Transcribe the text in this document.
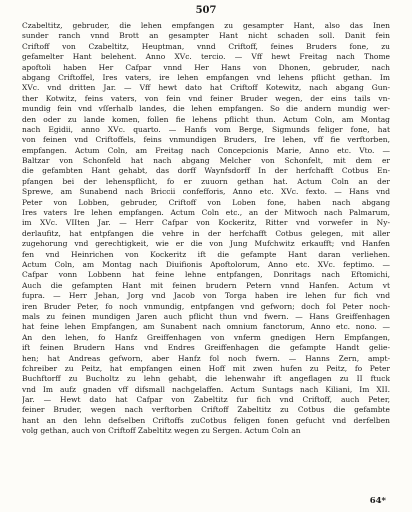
507
Czabeltitz, gebruder, die lehen empfangen zu gesampter Hant, also das Inen
sunder ranch vnnd Brott an gesampter Hant nicht schaden soll. Danit fein
Criftoff von Czabeltitz, Heuptman, vnnd Criftoff, feines Bruders fone, zu
gefamelter Hant belehent. Anno XVc. tercio. — Vff hewt Freitag nach Thome
apoftoli haben Her Cafpar vnnd Her Hans von Dhonen, gebruder, nach
abgang Criftoffel, Ires vaters, ire lehen empfangen vnd lehens pflicht gethan. Im
XVc. vnd dritten Jar. — Vff hewt dato hat Criftoff Kotewitz, nach abgang Gun-
ther Kotwitz, feins vaters, von fein vnd feiner Bruder wegen, der eins tails vn-
mundig fein vnd vſſerhalb landes, die lehen empfangen. So die andern mundig wer-
den oder zu lande komen, follen fie lehens pflicht thun. Actum Coln, am Montag
nach Egidii, anno XVc. quarto. — Hanfs vom Berge, Sigmunds feliger fone, hat
von feinen vnd Criftoffels, feins vnmundigen Bruders, Ire lehen, vff fie verftorben,
empfangen. Actum Coln, am Freitag nach Concepcionis Marie, Anno etc. Vto. —
Baltzar von Schonfeld hat nach abgang Melcher von Schonfelt, mit dem er
die gefambten Hant gehabt, das dorff Waynfsdorff In der herfchafft Cotbus En-
pfangen bei der lehenspflicht, fo er zuuorn gethan hat. Actum Coln an der
Sprewe, am Sunabend nach Briccii confefforis, Anno etc. XVc. fexto. — Hans vnd
Peter von Lobben, gebruder, Criftoff von Loben fone, haben nach abgang
Ires vaters Ire lehen empfangen. Actum Coln etc., an der Mitwoch nach Palmarum,
im XVc. VIIten Jar. — Herr Cafpar von Kockeritz, Ritter vnd vorwefer in Ny-
derlaufitz, hat entpfangen die vehre in der herfchafft Cotbus gelegen, mit aller
zugehorung vnd gerechtigkeit, wie er die von Jung Mufchwitz erkaufft; vnd Hanfen
fen vnd Heinrichen von Kockeritz ift die gefampte Hant daran verliehen.
Actum Coln, am Montag nach Diuifionis Apoftolorum, Anno etc. XVc. feptimo. —
Cafpar vonn Lobbenn hat feine lehne entpfangen, Donritags nach Eftomichi,
Auch die gefampten Hant mit feinen brudern Petern vnnd Hanfen. Actum vt
fupra. — Herr Jehan, Jorg vnd Jacob von Torga haben ire lehen fur fich vnd
iren Bruder Peter, fo noch vnmundig, entpfangen vnd gefworn; doch fol Peter noch-
mals zu feinen mundigen Jaren auch pflicht thun vnd fwern. — Hans Greiffenhagen
hat feine lehen Empfangen, am Sunabent nach omnium fanctorum, Anno etc. nono. —
An den lehen, fo Hanfz Greiffenhagen von vnferm gnedigen Hern Empfangen,
ift feinen Brudern Hans vnd Endres Greiffenhagen die gefampte Handt gelie-
hen; hat Andreas gefworn, aber Hanfz fol noch fwern. — Hanns Zern, ampt-
fchreiber zu Peitz, hat empfangen einen Hoff mit zwen hufen zu Peitz, fo Peter
Buchftorff zu Bucholtz zu lehn gehabt, die lehenwahr ift angeflagen zu II ftuck
vnd Im aufz gnaden vff difsmall nachgelaffen. Actum Suntags nach Kiliani, Im XII.
Jar. — Hewt dato hat Cafpar von Zabeltitz fur fich vnd Criftoff, auch Peter,
feiner Bruder, wegen nach verftorben Criftoff Zabeltitz zu Cotbus die gefambte
hant an den lehn defselben Criftoffs zuCotbus feligen fonen gefucht vnd derfelben
volg gethan, auch von Criftoff Zabeltitz wegen zu Sergen. Actum Coln an
64*
